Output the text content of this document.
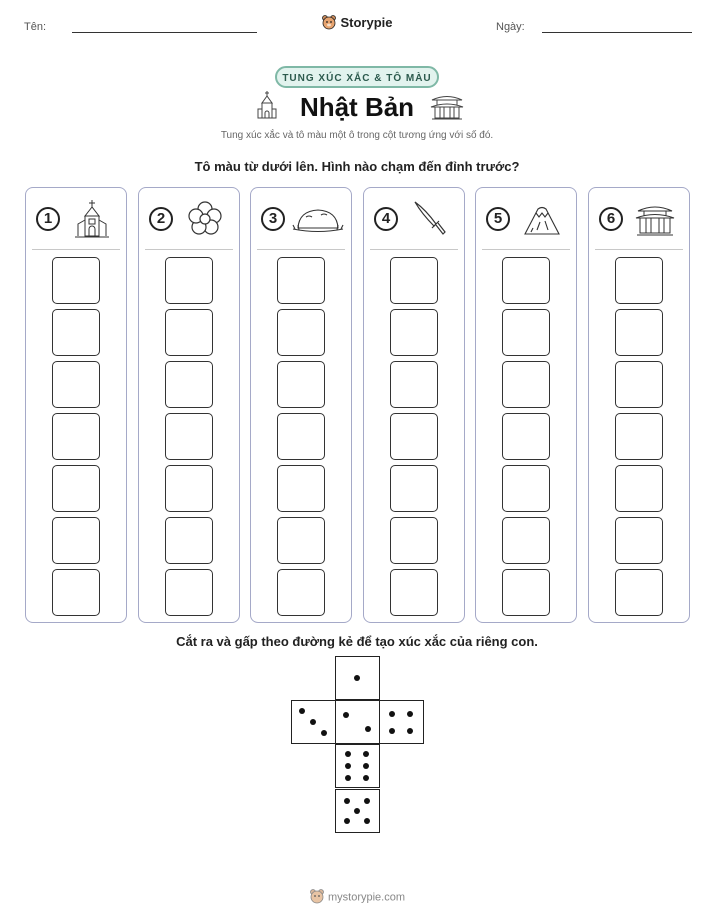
Tên:	Ngày:
Storypie
TUNG XÚC XẮC & TÔ MÀU
Nhật Bản
Tung xúc xắc và tô màu một ô trong cột tương ứng với số đó.
Tô màu từ dưới lên. Hình nào chạm đến đỉnh trước?
1	2	3	4	5	6
Cắt ra và gấp theo đường kẻ để tạo xúc xắc của riêng con.
mystorypie.com
